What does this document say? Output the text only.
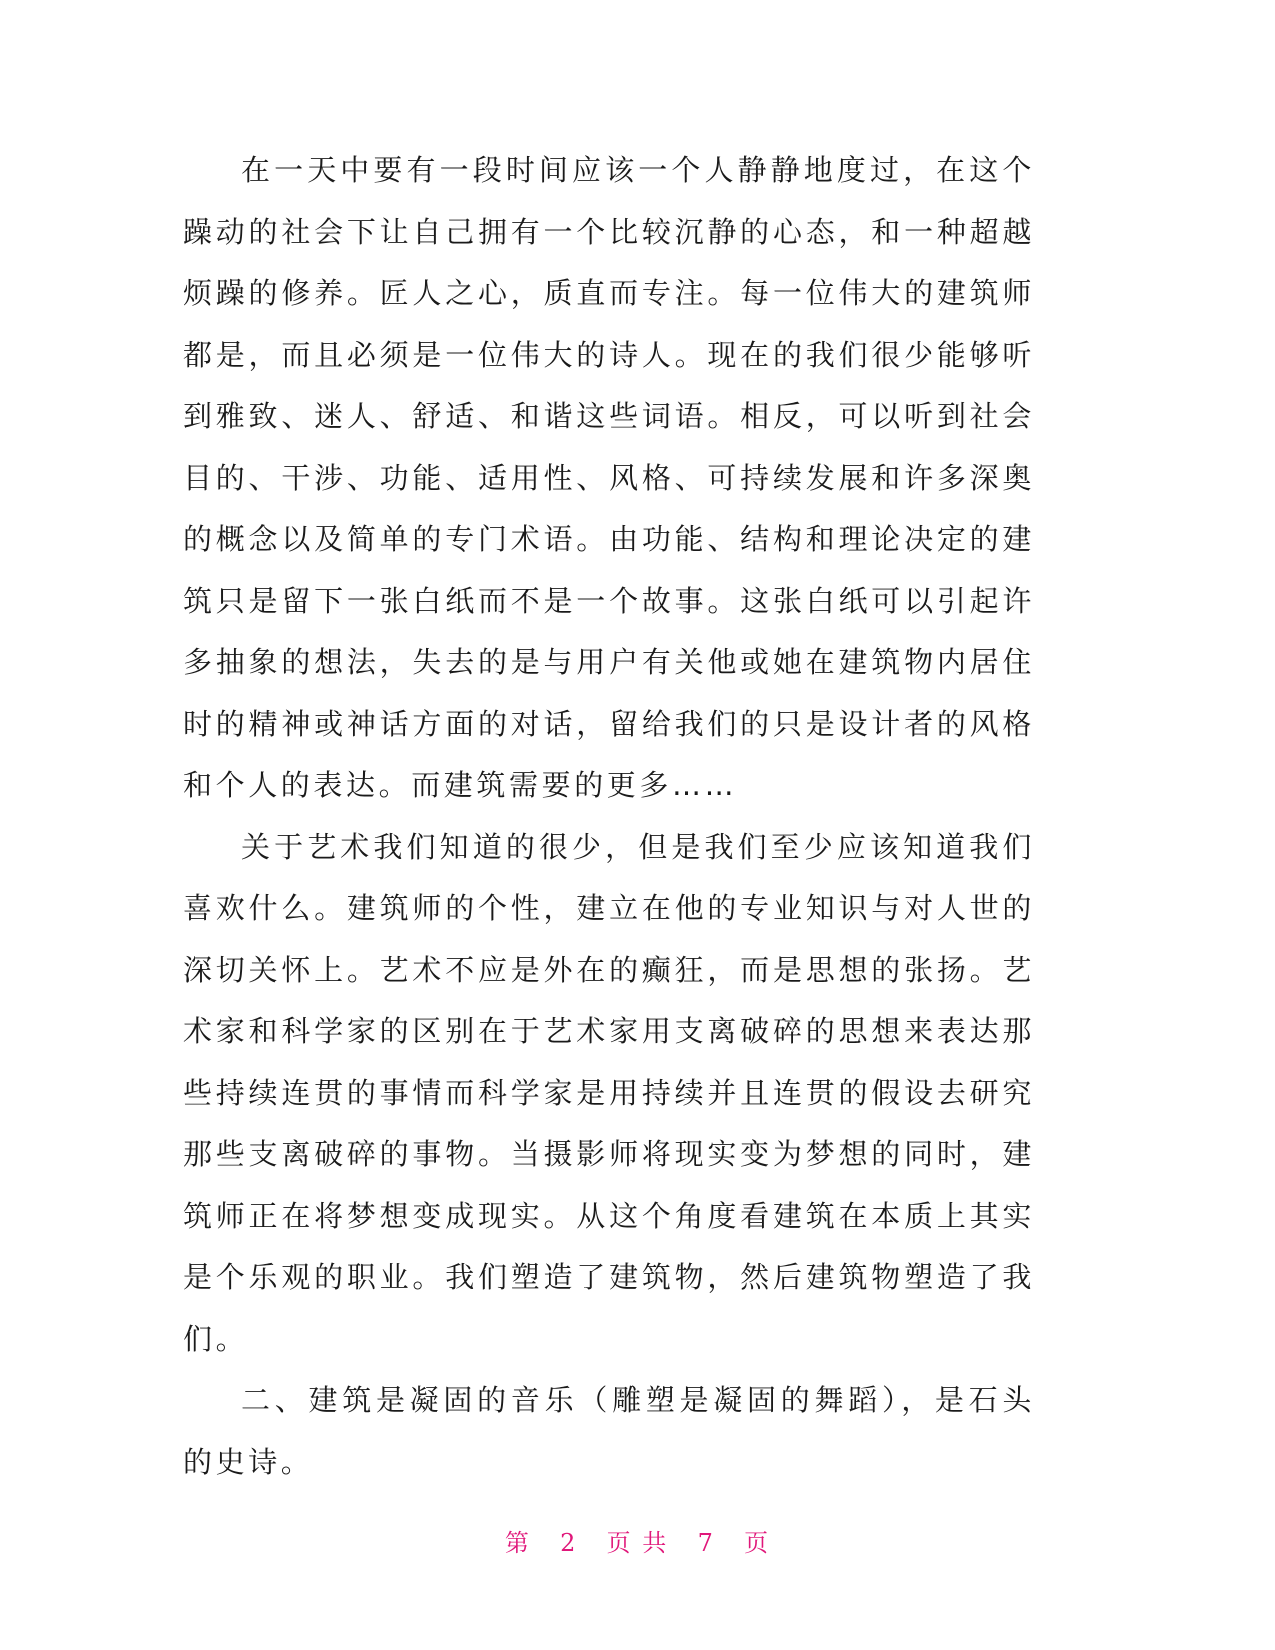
在一天中要有一段时间应该一个人静静地度过，在这个躁动的社会下让自己拥有一个比较沉静的心态，和一种超越烦躁的修养。匠人之心，质直而专注。每一位伟大的建筑师都是，而且必须是一位伟大的诗人。现在的我们很少能够听到雅致、迷人、舒适、和谐这些词语。相反，可以听到社会目的、干涉、功能、适用性、风格、可持续发展和许多深奥的概念以及简单的专门术语。由功能、结构和理论决定的建筑只是留下一张白纸而不是一个故事。这张白纸可以引起许多抽象的想法，失去的是与用户有关他或她在建筑物内居住时的精神或神话方面的对话，留给我们的只是设计者的风格和个人的表达。而建筑需要的更多……

关于艺术我们知道的很少，但是我们至少应该知道我们喜欢什么。建筑师的个性，建立在他的专业知识与对人世的深切关怀上。艺术不应是外在的癫狂，而是思想的张扬。艺术家和科学家的区别在于艺术家用支离破碎的思想来表达那些持续连贯的事情而科学家是用持续并且连贯的假设去研究那些支离破碎的事物。当摄影师将现实变为梦想的同时，建筑师正在将梦想变成现实。从这个角度看建筑在本质上其实是个乐观的职业。我们塑造了建筑物，然后建筑物塑造了我们。

二、建筑是凝固的音乐（雕塑是凝固的舞蹈），是石头的史诗。

第 2 页 共 7 页
